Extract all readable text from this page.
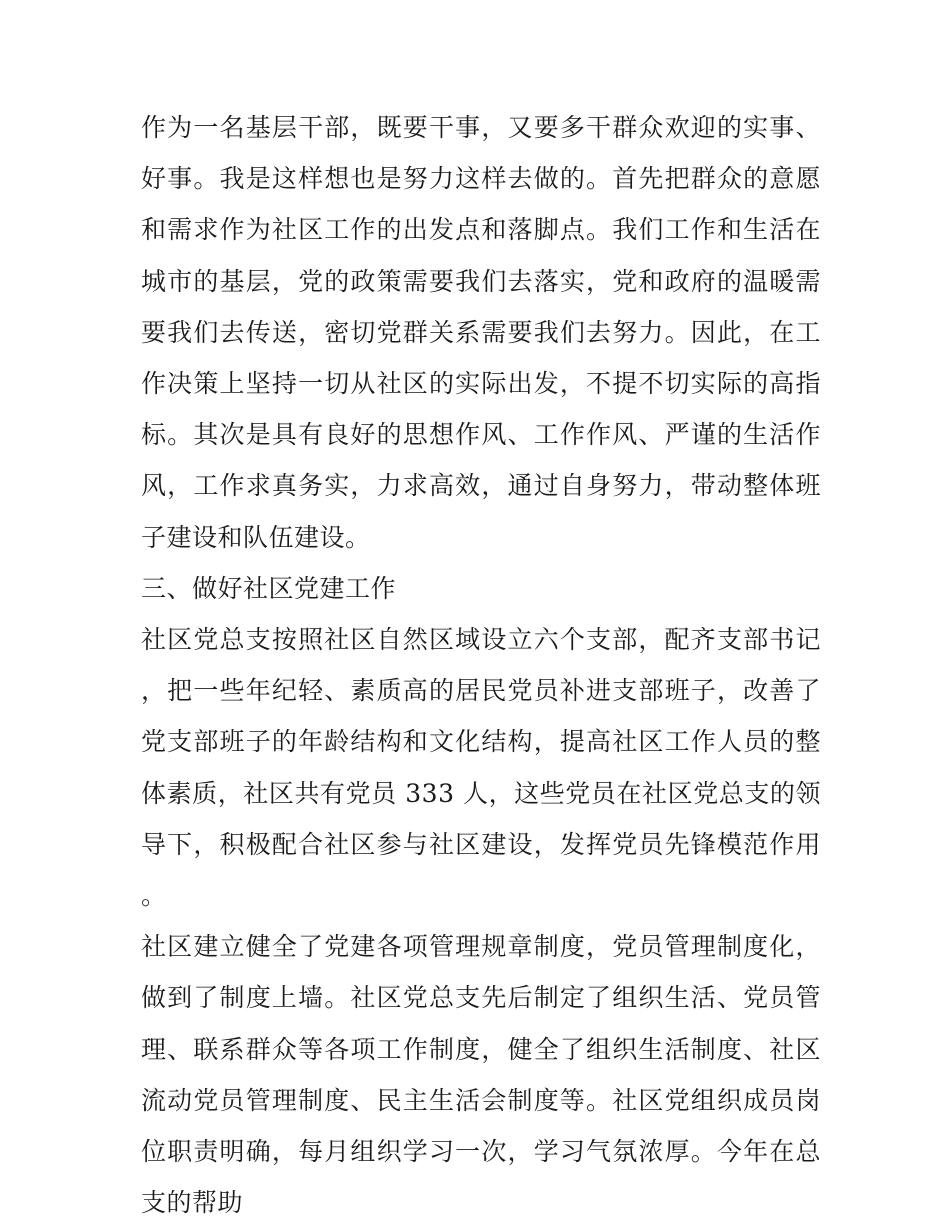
作为一名基层干部，既要干事，又要多干群众欢迎的实事、好事。我是这样想也是努力这样去做的。首先把群众的意愿和需求作为社区工作的出发点和落脚点。我们工作和生活在城市的基层，党的政策需要我们去落实，党和政府的温暖需要我们去传送，密切党群关系需要我们去努力。因此，在工作决策上坚持一切从社区的实际出发，不提不切实际的高指标。其次是具有良好的思想作风、工作作风、严谨的生活作风，工作求真务实，力求高效，通过自身努力，带动整体班子建设和队伍建设。

三、做好社区党建工作

社区党总支按照社区自然区域设立六个支部，配齐支部书记，把一些年纪轻、素质高的居民党员补进支部班子，改善了党支部班子的年龄结构和文化结构，提高社区工作人员的整体素质，社区共有党员 333 人，这些党员在社区党总支的领导下，积极配合社区参与社区建设，发挥党员先锋模范作用。

社区建立健全了党建各项管理规章制度，党员管理制度化，做到了制度上墙。社区党总支先后制定了组织生活、党员管理、联系群众等各项工作制度，健全了组织生活制度、社区流动党员管理制度、民主生活会制度等。社区党组织成员岗位职责明确，每月组织学习一次，学习气氛浓厚。今年在总支的帮助
